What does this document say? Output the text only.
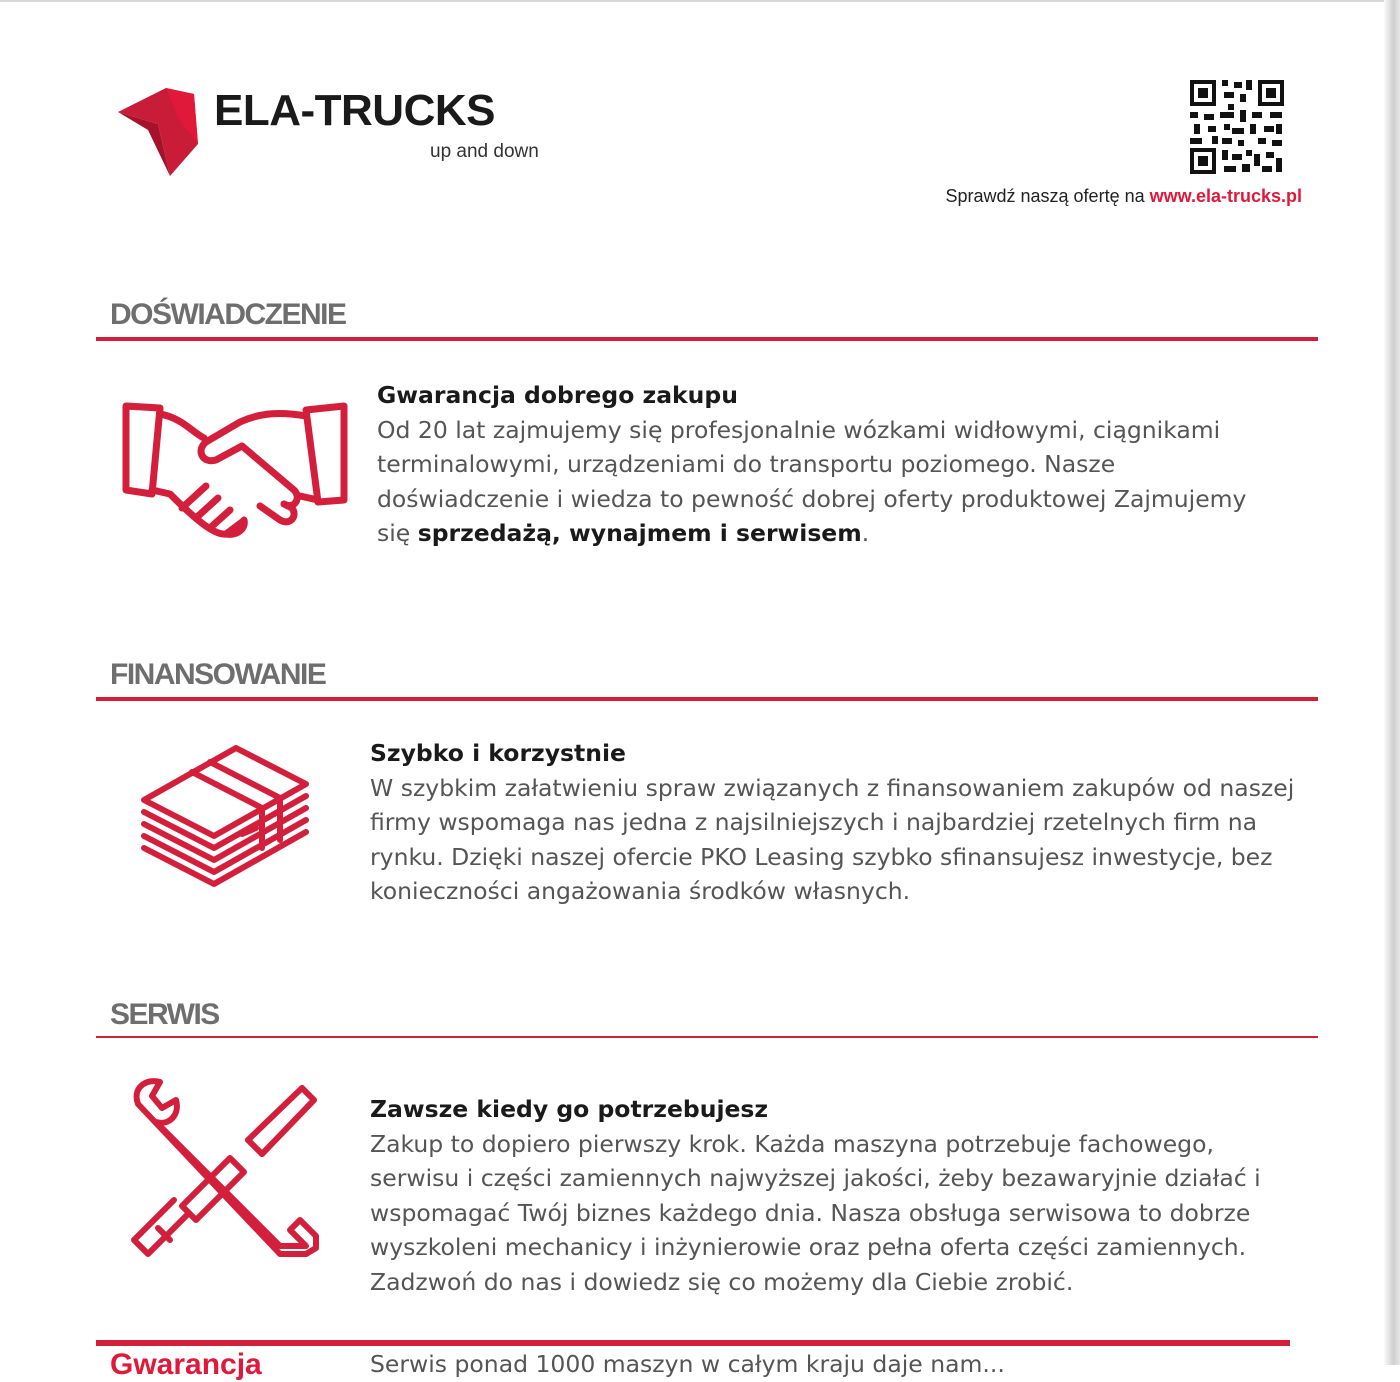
ELA-TRUCKS
up and down
Sprawdź naszą ofertę na www.ela-trucks.pl
DOŚWIADCZENIE
Gwarancja dobrego zakupu

Od 20 lat zajmujemy się profesjonalnie wózkami widłowymi, ciągnikami terminalowymi, urządzeniami do transportu poziomego. Nasze doświadczenie i wiedza to pewność dobrej oferty produktowej Zajmujemy się sprzedażą, wynajmem i serwisem.

FINANSOWANIE
Szybko i korzystnie

W szybkim załatwieniu spraw związanych z finansowaniem zakupów od naszej firmy wspomaga nas jedna z najsilniejszych i najbardziej rzetelnych firm na rynku. Dzięki naszej ofercie PKO Leasing szybko sfinansujesz inwestycje, bez konieczności angażowania środków własnych.

SERWIS
Zawsze kiedy go potrzebujesz

Zakup to dopiero pierwszy krok. Każda maszyna potrzebuje fachowego, serwisu i części zamiennych najwyższej jakości, żeby bezawaryjnie działać i wspomagać Twój biznes każdego dnia. Nasza obsługa serwisowa to dobrze wyszkoleni mechanicy i inżynierowie oraz pełna oferta części zamiennych. Zadzwoń do nas i dowiedz się co możemy dla Ciebie zrobić.

Gwarancja	Serwis ponad 1000 maszyn w całym kraju daje nam...
